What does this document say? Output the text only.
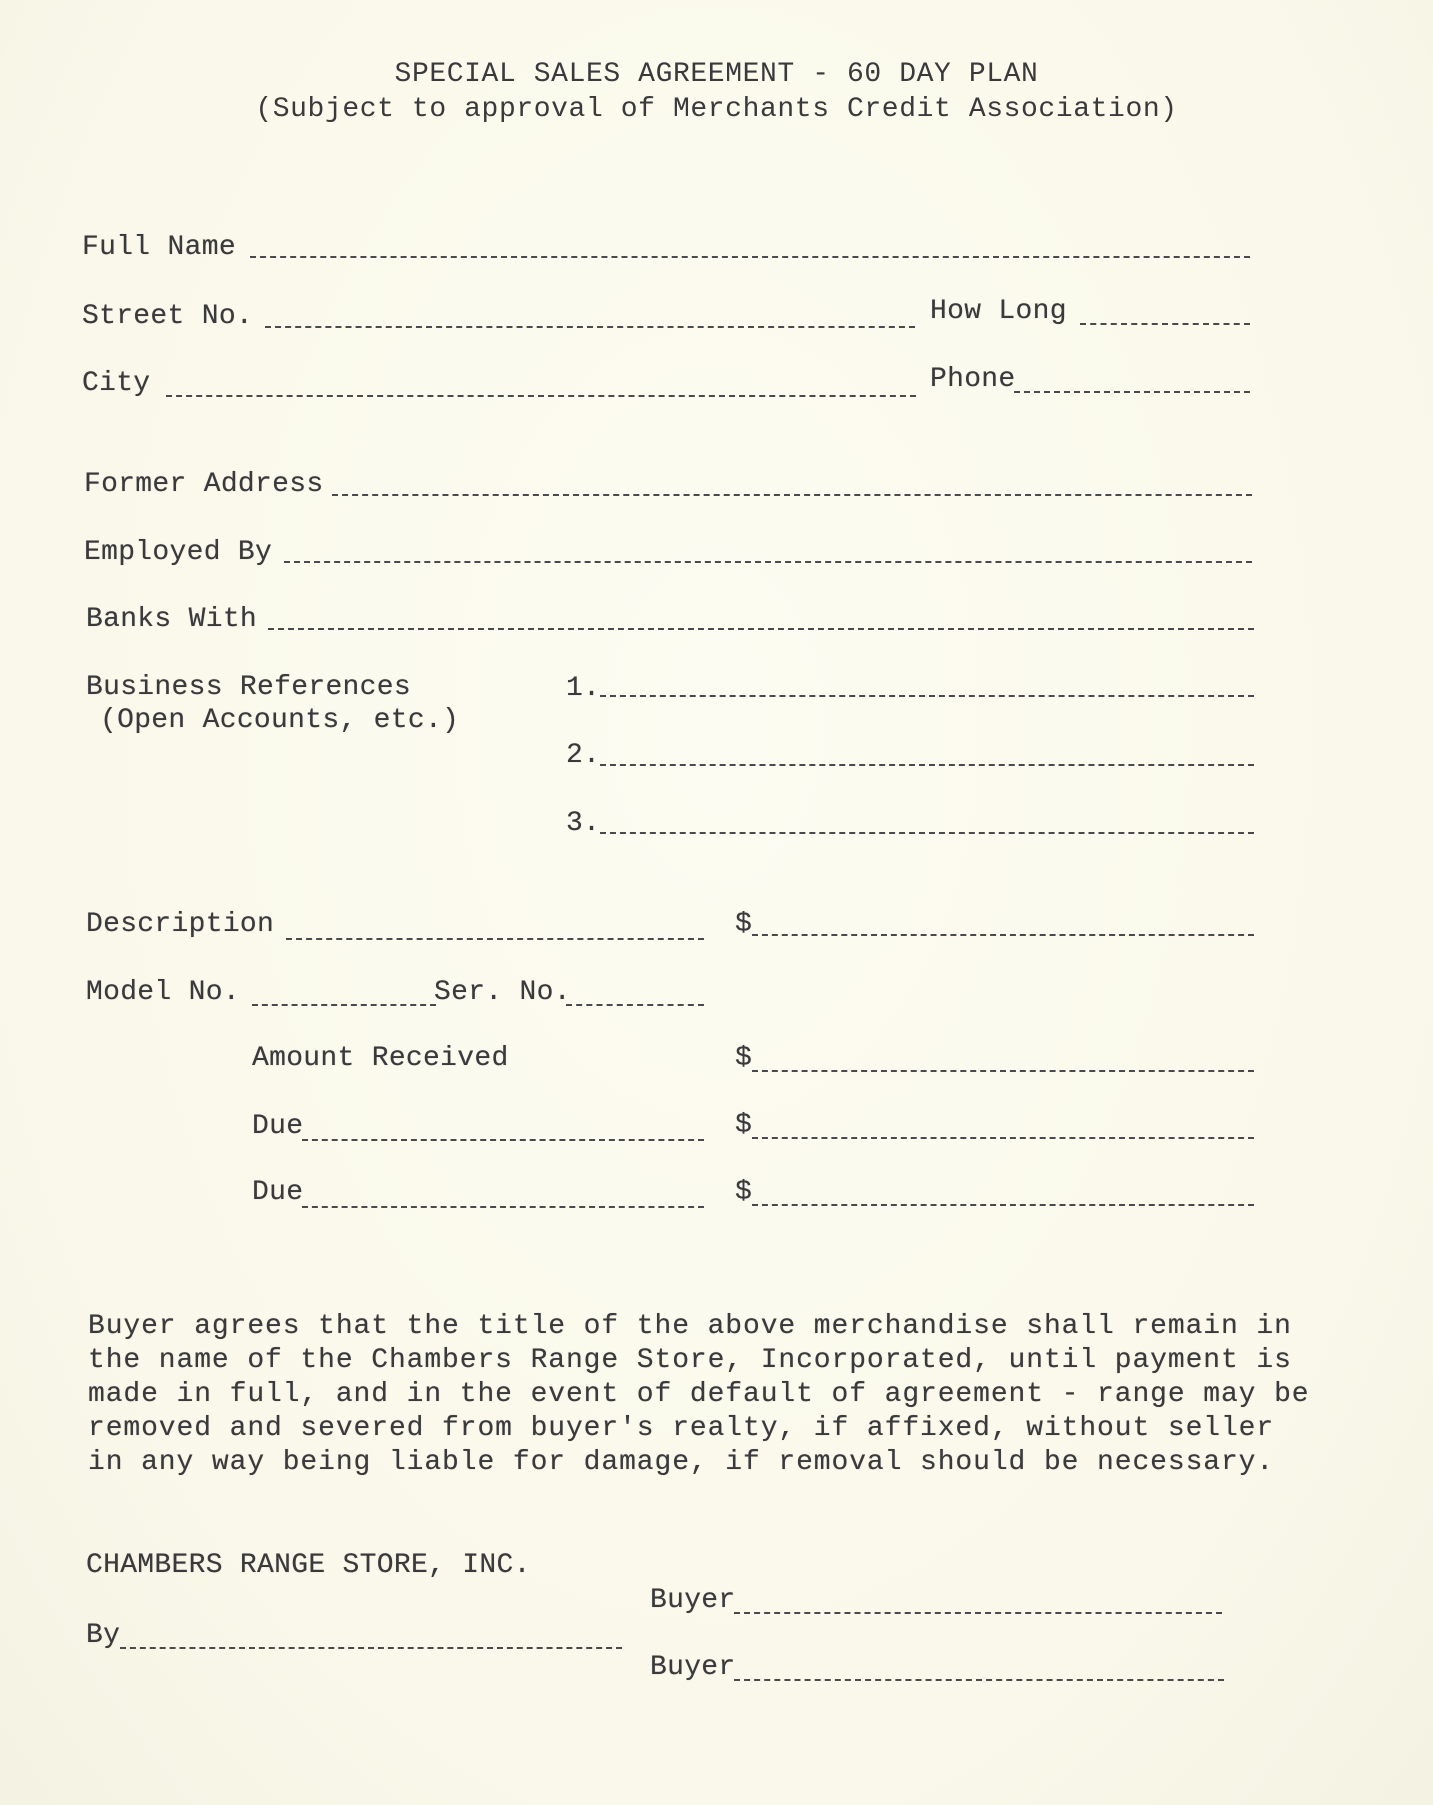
SPECIAL SALES AGREEMENT - 60 DAY PLAN
(Subject to approval of Merchants Credit Association)
Full Name
Street No.	How Long
City	Phone
Former Address
Employed By
Banks With
Business References
(Open Accounts, etc.)
1.
2.
3.
Description	$
Model No.	Ser. No.
Amount Received	$
Due	$
Due	$
Buyer agrees that the title of the above merchandise shall remain in
the name of the Chambers Range Store, Incorporated, until payment is
made in full, and in the event of default of agreement - range may be
removed and severed from buyer's realty, if affixed, without seller
in any way being liable for damage, if removal should be necessary.
CHAMBERS RANGE STORE, INC.
Buyer
By
Buyer
